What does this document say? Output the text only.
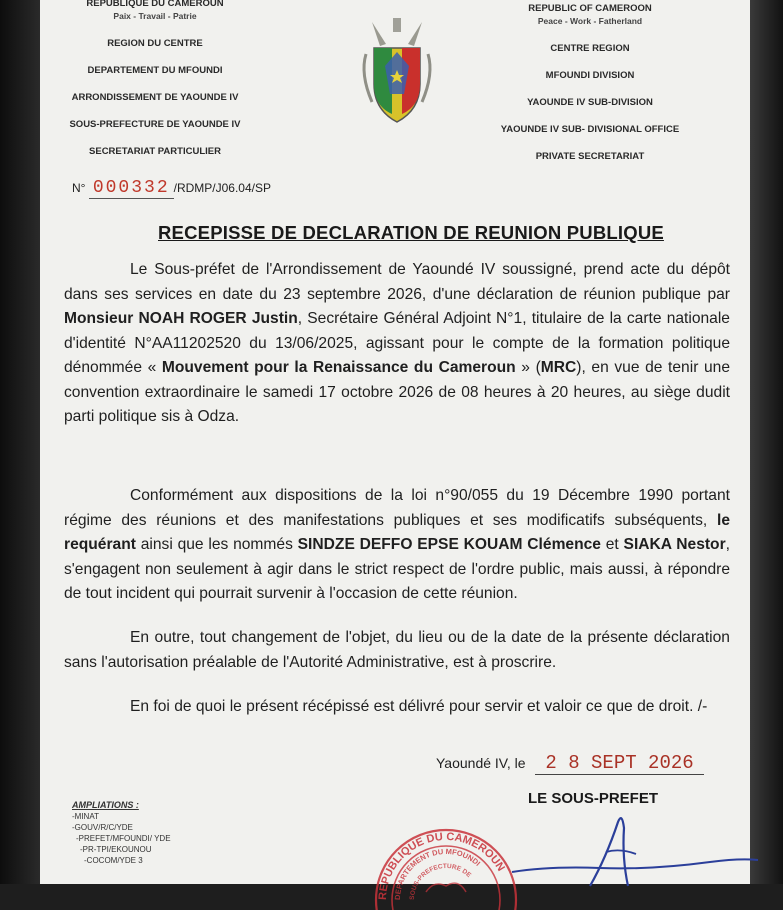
REPUBLIQUE DU CAMEROUN
Paix - Travail - Patrie
REGION DU CENTRE
DEPARTEMENT DU MFOUNDI
ARRONDISSEMENT DE YAOUNDE IV
SOUS-PREFECTURE DE YAOUNDE IV
SECRETARIAT PARTICULIER
REPUBLIC OF CAMEROON
Peace - Work - Fatherland
CENTRE REGION
MFOUNDI DIVISION
YAOUNDE IV SUB-DIVISION
YAOUNDE IV SUB- DIVISIONAL OFFICE
PRIVATE SECRETARIAT
N° 000332 /RDMP/J06.04/SP
RECEPISSE DE DECLARATION DE REUNION PUBLIQUE
Le Sous-préfet de l'Arrondissement de Yaoundé IV soussigné, prend acte du dépôt dans ses services en date du 23 septembre 2026, d'une déclaration de réunion publique par Monsieur NOAH ROGER Justin, Secrétaire Général Adjoint N°1, titulaire de la carte nationale d'identité N°AA11202520 du 13/06/2025, agissant pour le compte de la formation politique dénommée « Mouvement pour la Renaissance du Cameroun » (MRC), en vue de tenir une convention extraordinaire le samedi 17 octobre 2026 de 08 heures à 20 heures, au siège dudit parti politique sis à Odza.
Conformément aux dispositions de la loi n°90/055 du 19 Décembre 1990 portant régime des réunions et des manifestations publiques et ses modificatifs subséquents, le requérant ainsi que les nommés SINDZE DEFFO EPSE KOUAM Clémence et SIAKA Nestor, s'engagent non seulement à agir dans le strict respect de l'ordre public, mais aussi, à répondre de tout incident qui pourrait survenir à l'occasion de cette réunion.
En outre, tout changement de l'objet, du lieu ou de la date de la présente déclaration sans l'autorisation préalable de l'Autorité Administrative, est à proscrire.
En foi de quoi le présent récépissé est délivré pour servir et valoir ce que de droit. /-
Yaoundé IV, le 2 8 SEPT 2026
LE SOUS-PREFET
AMPLIATIONS :
-MINAT
-GOUV/R/C/YDE
-PREFET/MFOUNDI/ YDE
-PR-TPI/EKOUNOU
-COCOM/YDE 3
REPUBLIQUE DU CAMEROUN
DEPARTEMENT DU MFOUNDI
SOUS-PREFECTURE DE
